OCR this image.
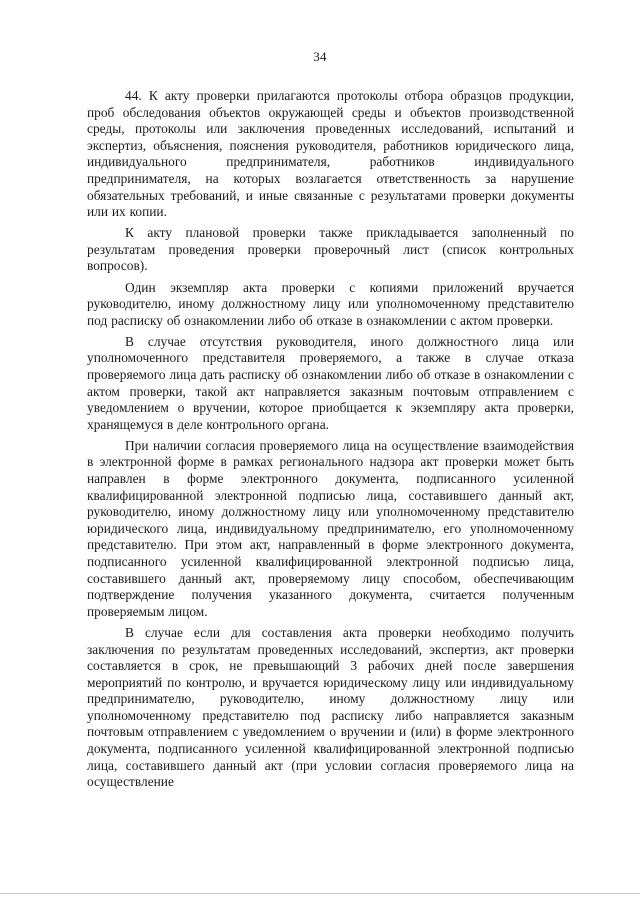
34

44. К акту проверки прилагаются протоколы отбора образцов продукции, проб обследования объектов окружающей среды и объектов производственной среды, протоколы или заключения проведенных исследований, испытаний и экспертиз, объяснения, пояснения руководителя, работников юридического лица, индивидуального предпринимателя, работников индивидуального предпринимателя, на которых возлагается ответственность за нарушение обязательных требований, и иные связанные с результатами проверки документы или их копии.

К акту плановой проверки также прикладывается заполненный по результатам проведения проверки проверочный лист (список контрольных вопросов).

Один экземпляр акта проверки с копиями приложений вручается руководителю, иному должностному лицу или уполномоченному представителю под расписку об ознакомлении либо об отказе в ознакомлении с актом проверки.

В случае отсутствия руководителя, иного должностного лица или уполномоченного представителя проверяемого, а также в случае отказа проверяемого лица дать расписку об ознакомлении либо об отказе в ознакомлении с актом проверки, такой акт направляется заказным почтовым отправлением с уведомлением о вручении, которое приобщается к экземпляру акта проверки, хранящемуся в деле контрольного органа.

При наличии согласия проверяемого лица на осуществление взаимодействия в электронной форме в рамках регионального надзора акт проверки может быть направлен в форме электронного документа, подписанного усиленной квалифицированной электронной подписью лица, составившего данный акт, руководителю, иному должностному лицу или уполномоченному представителю юридического лица, индивидуальному предпринимателю, его уполномоченному представителю. При этом акт, направленный в форме электронного документа, подписанного усиленной квалифицированной электронной подписью лица, составившего данный акт, проверяемому лицу способом, обеспечивающим подтверждение получения указанного документа, считается полученным проверяемым лицом.

В случае если для составления акта проверки необходимо получить заключения по результатам проведенных исследований, экспертиз, акт проверки составляется в срок, не превышающий 3 рабочих дней после завершения мероприятий по контролю, и вручается юридическому лицу или индивидуальному предпринимателю, руководителю, иному должностному лицу или уполномоченному представителю под расписку либо направляется заказным почтовым отправлением с уведомлением о вручении и (или) в форме электронного документа, подписанного усиленной квалифицированной электронной подписью лица, составившего данный акт (при условии согласия проверяемого лица на осуществление
